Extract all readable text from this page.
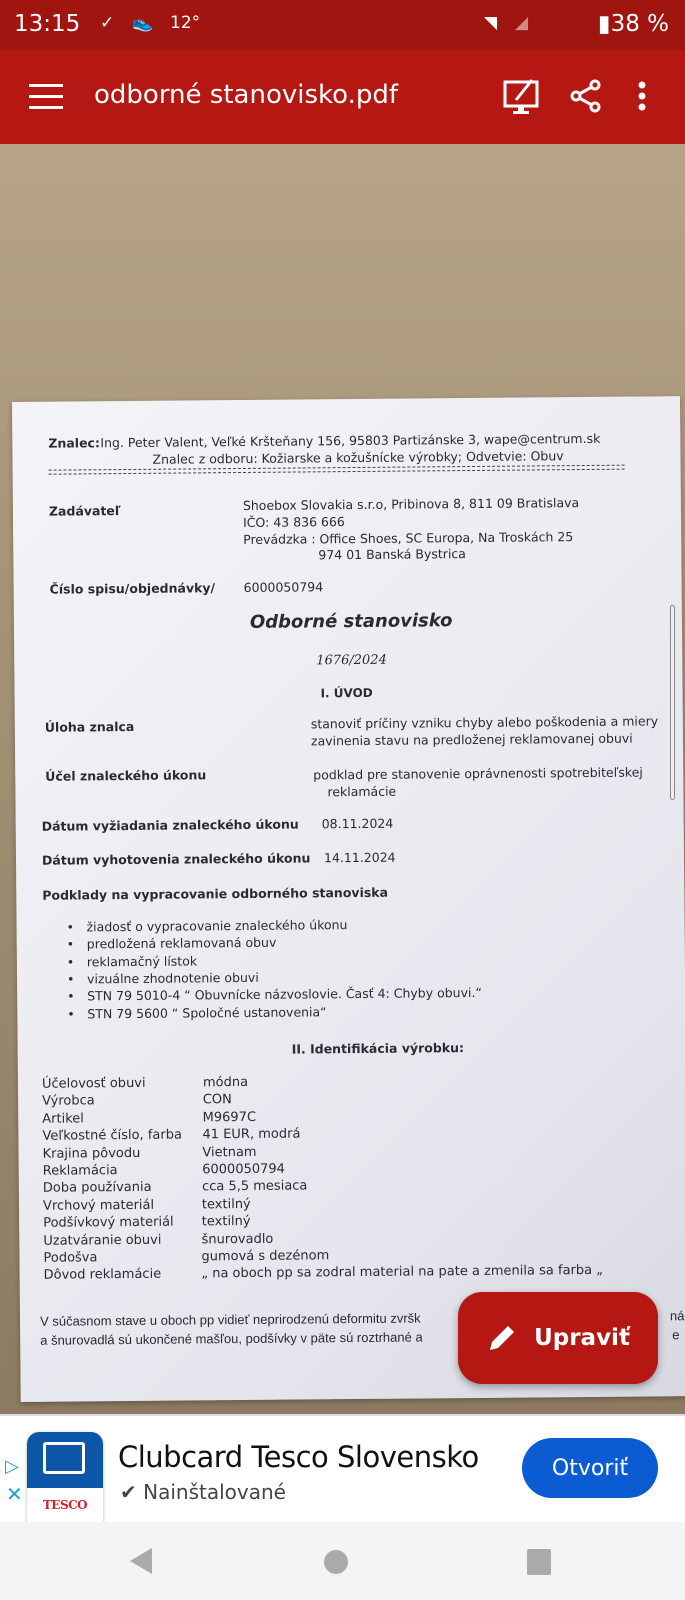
13:15 ✓ 👟 12°	◥ ◢	▮38 %
odborné stanovisko.pdf
Znalec: Ing. Peter Valent, Veľké Kršteňany 156, 95803 Partizánske 3, wape@centrum.sk
Znalec z odboru: Kožiarske a kožušnícke výrobky; Odvetvie: Obuv
Zadávateľ	Shoebox Slovakia s.r.o, Pribinova 8, 811 09 Bratislava
IČO: 43 836 666
Prevádzka : Office Shoes, SC Europa, Na Troskách 25
974 01 Banská Bystrica
Číslo spisu/objednávky/ 6000050794
Odborné stanovisko
1676/2024
I. ÚVOD
Úloha znalca	stanoviť príčiny vzniku chyby alebo poškodenia a miery
zavinenia stavu na predloženej reklamovanej obuvi
Účel znaleckého úkonu	podklad pre stanovenie oprávnenosti spotrebiteľskej
reklamácie
Dátum vyžiadania znaleckého úkonu 08.11.2024
Dátum vyhotovenia znaleckého úkonu 14.11.2024
Podklady na vypracovanie odborného stanoviska
• žiadosť o vypracovanie znaleckého úkonu
• predložená reklamovaná obuv
• reklamačný lístok
• vizuálne zhodnotenie obuvi
• STN 79 5010-4 “ Obuvnícke názvoslovie. Časť 4: Chyby obuvi.“
• STN 79 5600 “ Spoločné ustanovenia“
II. Identifikácia výrobku:
Účelovosť obuvi	módna
Výrobca	CON
Artikel	M9697C
Veľkostné číslo, farba 41 EUR, modrá
Krajina pôvodu	Vietnam
Reklamácia	6000050794
Doba používania	cca 5,5 mesiaca
Vrchový materiál	textilný
Podšívkový materiál textilný
Uzatváranie obuvi	šnurovadlo
Podošva	gumová s dezénom
Dôvod reklamácie	„ na oboch pp sa zodral material na pate a zmenila sa farba „
V súčasnom stave u oboch pp vidieť neprirodzenú deformitu zvršk
a šnurovadlá sú ukončené mašľou, podšívky v päte sú roztrhané a
ná
e
Upraviť
▷
✕	TESCO
Clubcard Tesco Slovensko
✔ Nainštalované
Otvoriť
